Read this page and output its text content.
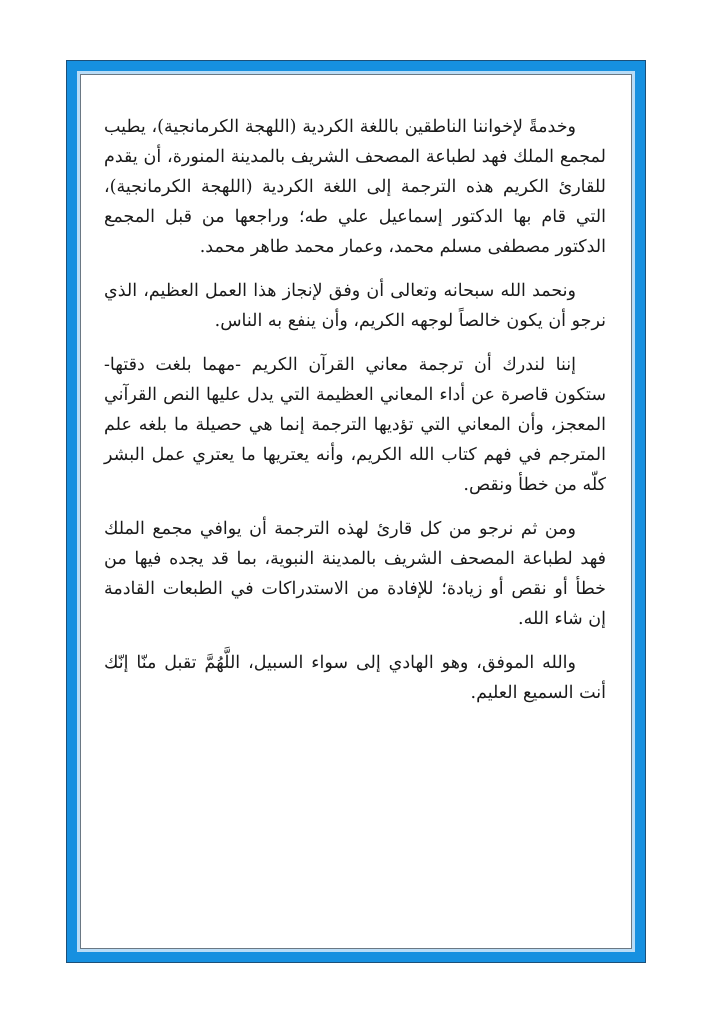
وخدمةً لإخواننا الناطقين باللغة الكردية (اللهجة الكرمانجية)، يطيب لمجمع الملك فهد لطباعة المصحف الشريف بالمدينة المنورة، أن يقدم للقارئ الكريم هذه الترجمة إلى اللغة الكردية (اللهجة الكرمانجية)، التي قام بها الدكتور إسماعيل علي طه؛ وراجعها من قبل المجمع الدكتور مصطفى مسلم محمد، وعمار محمد طاهر محمد.

ونحمد الله سبحانه وتعالى أن وفق لإنجاز هذا العمل العظيم، الذي نرجو أن يكون خالصاً لوجهه الكريم، وأن ينفع به الناس.

إننا لندرك أن ترجمة معاني القرآن الكريم -مهما بلغت دقتها- ستكون قاصرة عن أداء المعاني العظيمة التي يدل عليها النص القرآني المعجز، وأن المعاني التي تؤديها الترجمة إنما هي حصيلة ما بلغه علم المترجم في فهم كتاب الله الكريم، وأنه يعتريها ما يعتري عمل البشر كلّه من خطأ ونقص.

ومن ثم نرجو من كل قارئ لهذه الترجمة أن يوافي مجمع الملك فهد لطباعة المصحف الشريف بالمدينة النبوية، بما قد يجده فيها من خطأ أو نقص أو زيادة؛ للإفادة من الاستدراكات في الطبعات القادمة إن شاء الله.

والله الموفق، وهو الهادي إلى سواء السبيل، اللَّهُمَّ تقبل منّا إنّك أنت السميع العليم.
